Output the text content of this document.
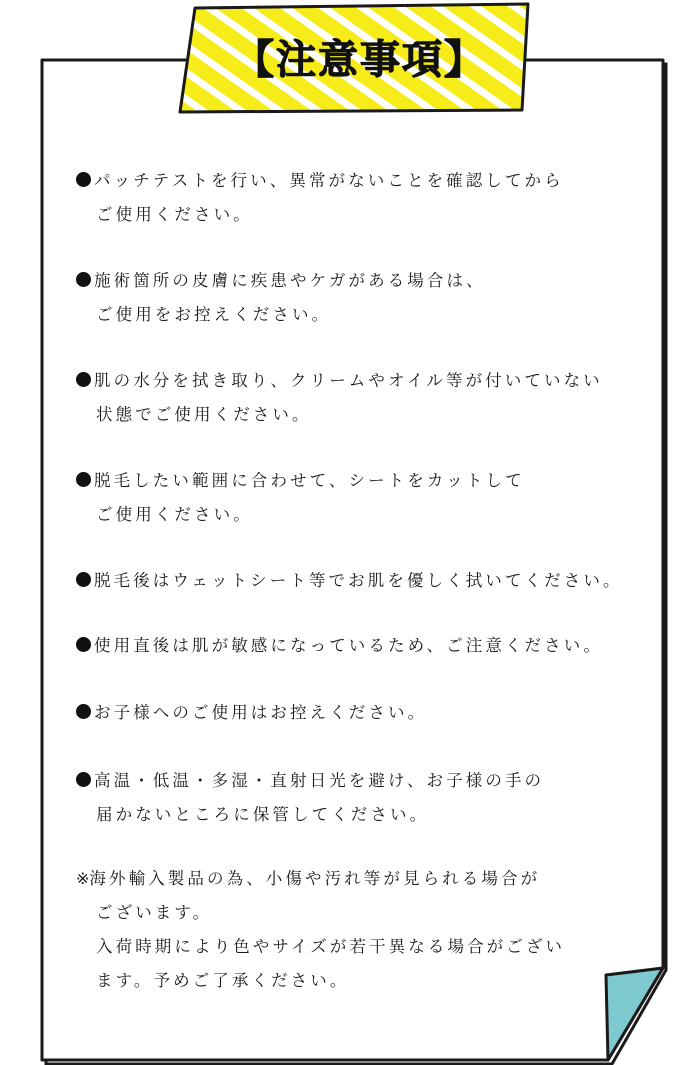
【注意事項】
パッチテストを行い、異常がないことを確認してから
ご使用ください。
施術箇所の皮膚に疾患やケガがある場合は、
ご使用をお控えください。
肌の水分を拭き取り、クリームやオイル等が付いていない
状態でご使用ください。
脱毛したい範囲に合わせて、シートをカットして
ご使用ください。
脱毛後はウェットシート等でお肌を優しく拭いてください。
使用直後は肌が敏感になっているため、ご注意ください。
お子様へのご使用はお控えください。
高温・低温・多湿・直射日光を避け、お子様の手の
届かないところに保管してください。
※海外輸入製品の為、小傷や汚れ等が見られる場合が
ございます。
入荷時期により色やサイズが若干異なる場合がござい
ます。予めご了承ください。
